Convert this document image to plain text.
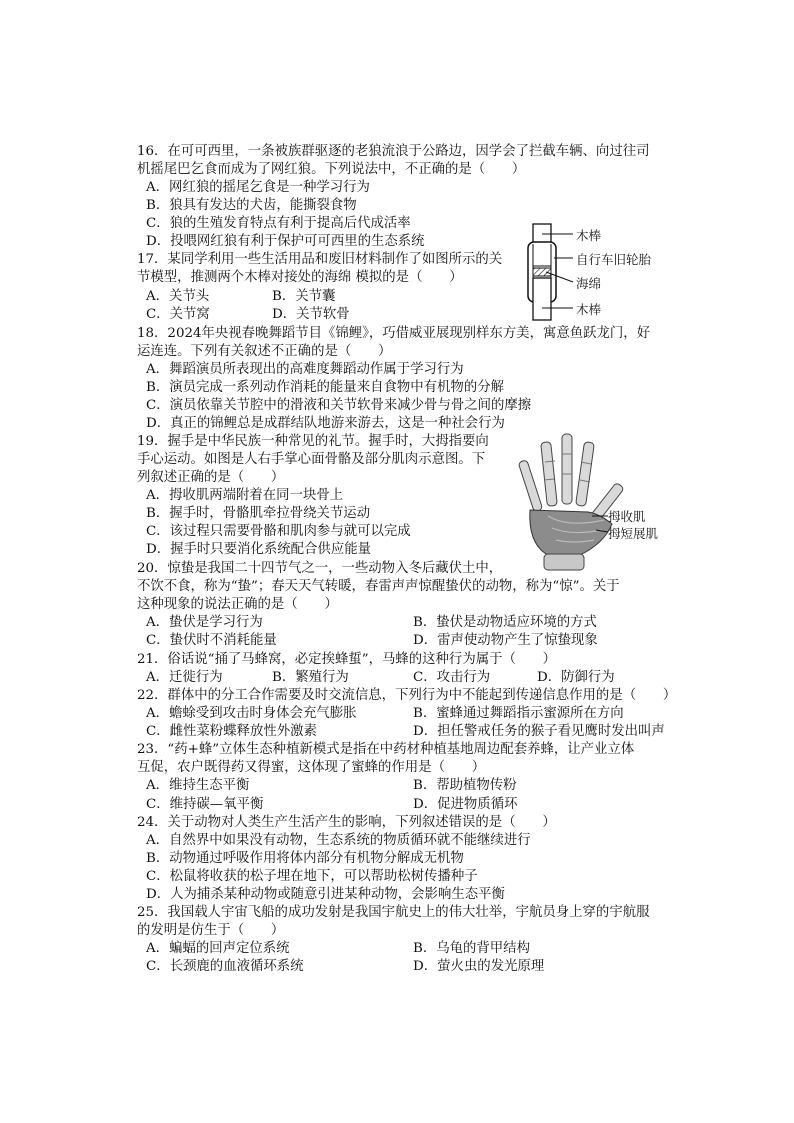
16．在可可西里，一条被族群驱逐的老狼流浪于公路边，因学会了拦截车辆、向过往司
机摇尾巴乞食而成为了网红狼。下列说法中，不正确的是（　　）
A．网红狼的摇尾乞食是一种学习行为
B．狼具有发达的犬齿，能撕裂食物
C．狼的生殖发育特点有利于提高后代成活率
D．投喂网红狼有利于保护可可西里的生态系统
17．某同学利用一些生活用品和废旧材料制作了如图所示的关
节模型，推测两个木棒对接处的海绵 模拟的是（　　）
A．关节头	B．关节囊
C．关节窝	D．关节软骨
木棒
自行车旧轮胎
海绵
木棒
18．2024年央视春晚舞蹈节目《锦鲤》，巧借威亚展现别样东方美，寓意鱼跃龙门，好
运连连。下列有关叙述不正确的是（　　）
A．舞蹈演员所表现出的高难度舞蹈动作属于学习行为
B．演员完成一系列动作消耗的能量来自食物中有机物的分解
C．演员依靠关节腔中的滑液和关节软骨来减少骨与骨之间的摩擦
D．真正的锦鲤总是成群结队地游来游去，这是一种社会行为
19．握手是中华民族一种常见的礼节。握手时，大拇指要向
手心运动。如图是人右手掌心面骨骼及部分肌肉示意图。下
列叙述正确的是（　　）
A．拇收肌两端附着在同一块骨上
B．握手时，骨骼肌牵拉骨绕关节运动
C．该过程只需要骨骼和肌肉参与就可以完成
D．握手时只要消化系统配合供应能量
拇收肌
拇短展肌
20．惊蛰是我国二十四节气之一，一些动物入冬后藏伏土中，
不饮不食，称为“蛰”；春天天气转暖，春雷声声惊醒蛰伏的动物，称为“惊”。关于
这种现象的说法正确的是（　　）
A．蛰伏是学习行为	B．蛰伏是动物适应环境的方式
C．蛰伏时不消耗能量	D．雷声使动物产生了惊蛰现象
21．俗话说“捅了马蜂窝，必定挨蜂蜇”，马蜂的这种行为属于（　　）
A．迁徙行为	B．繁殖行为	C．攻击行为	D．防御行为
22．群体中的分工合作需要及时交流信息，下列行为中不能起到传递信息作用的是（　　）
A．蟾蜍受到攻击时身体会充气膨胀	B．蜜蜂通过舞蹈指示蜜源所在方向
C．雌性菜粉蝶释放性外激素	D．担任警戒任务的猴子看见鹰时发出叫声
23．“药+蜂”立体生态种植新模式是指在中药材种植基地周边配套养蜂，让产业立体
互促，农户既得药又得蜜，这体现了蜜蜂的作用是（　　）
A．维持生态平衡	B．帮助植物传粉
C．维持碳—氧平衡	D．促进物质循环
24．关于动物对人类生产生活产生的影响，下列叙述错误的是（　　）
A．自然界中如果没有动物，生态系统的物质循环就不能继续进行
B．动物通过呼吸作用将体内部分有机物分解成无机物
C．松鼠将收获的松子埋在地下，可以帮助松树传播种子
D．人为捕杀某种动物或随意引进某种动物，会影响生态平衡
25．我国载人宇宙飞船的成功发射是我国宇航史上的伟大壮举，宇航员身上穿的宇航服
的发明是仿生于（　　）
A．蝙蝠的回声定位系统	B．乌龟的背甲结构
C．长颈鹿的血液循环系统	D．萤火虫的发光原理
